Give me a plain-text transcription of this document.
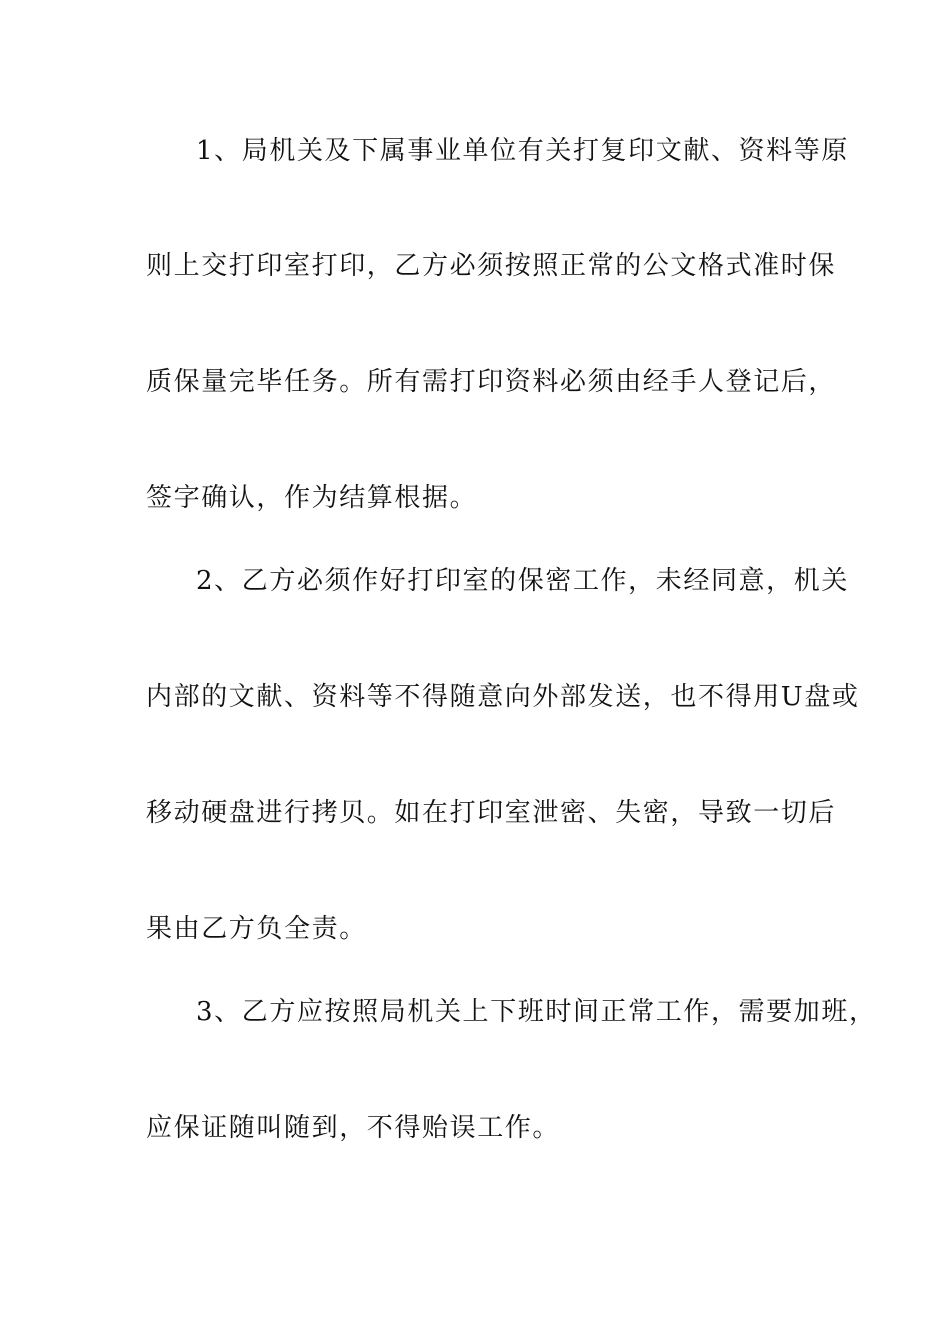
1、局机关及下属事业单位有关打复印文献、资料等原
则上交打印室打印，乙方必须按照正常的公文格式准时保
质保量完毕任务。所有需打印资料必须由经手人登记后，
签字确认，作为结算根据。
2、乙方必须作好打印室的保密工作，未经同意，机关
内部的文献、资料等不得随意向外部发送，也不得用U盘或
移动硬盘进行拷贝。如在打印室泄密、失密，导致一切后
果由乙方负全责。
3、乙方应按照局机关上下班时间正常工作，需要加班，
应保证随叫随到，不得贻误工作。
